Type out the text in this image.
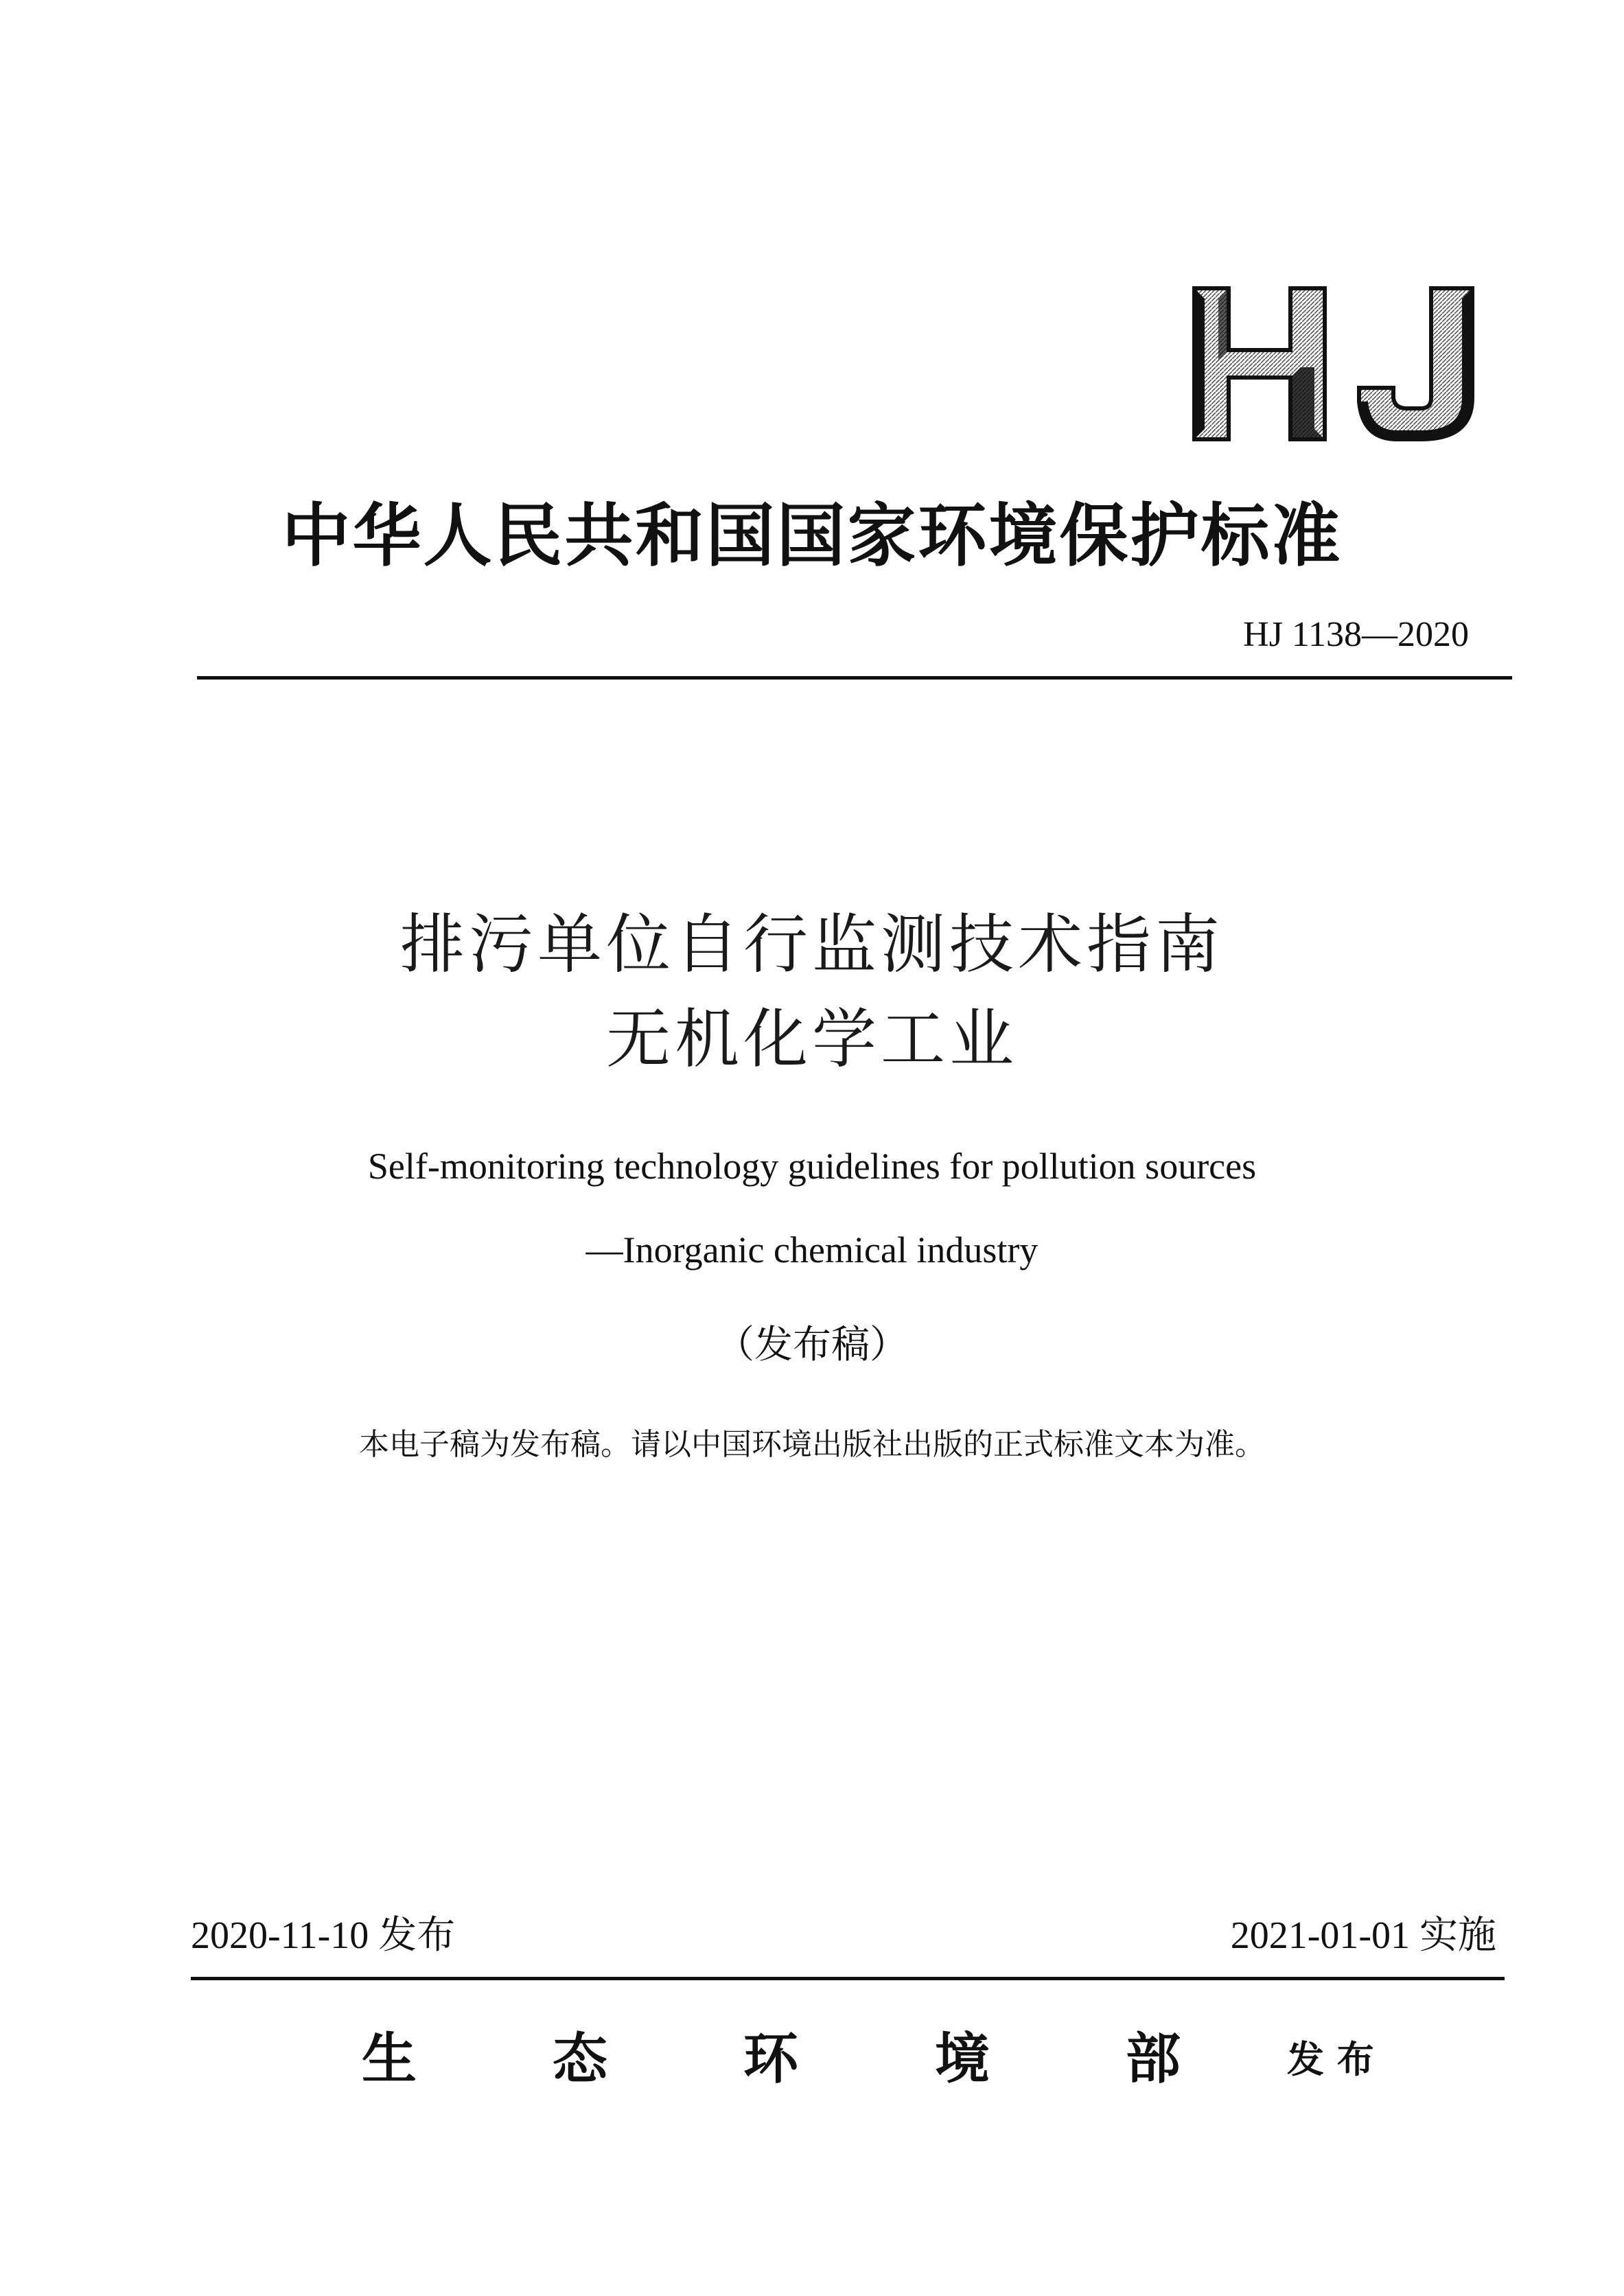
中华人民共和国国家环境保护标准
HJ 1138—2020
排污单位自行监测技术指南
无机化学工业
Self-monitoring technology guidelines for pollution sources
—Inorganic chemical industry
（发布稿）
本电子稿为发布稿。请以中国环境出版社出版的正式标准文本为准。
2020-11-10 发布	2021-01-01 实施
生 态 环 境 部	发 布
